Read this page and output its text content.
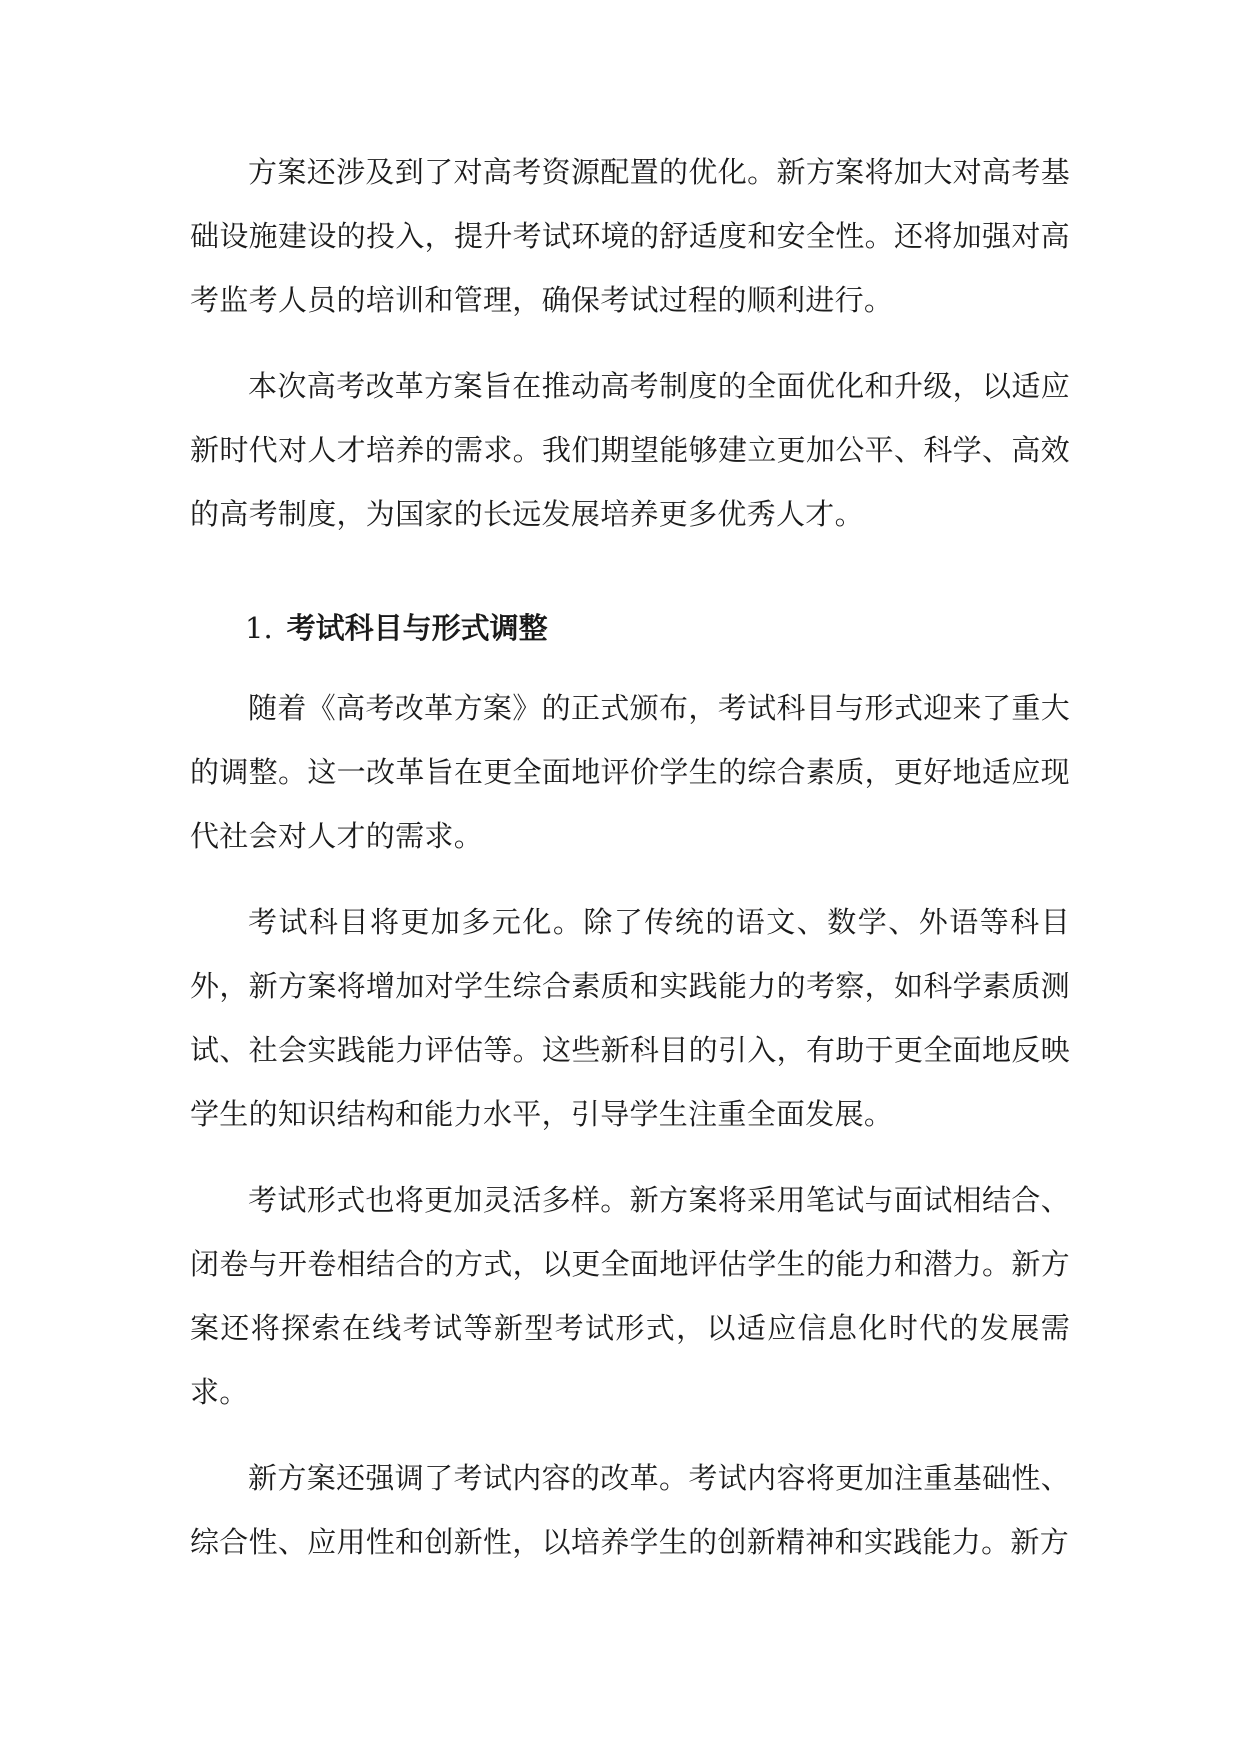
方案还涉及到了对高考资源配置的优化。新方案将加大对高考基础设施建设的投入，提升考试环境的舒适度和安全性。还将加强对高考监考人员的培训和管理，确保考试过程的顺利进行。

本次高考改革方案旨在推动高考制度的全面优化和升级，以适应新时代对人才培养的需求。我们期望能够建立更加公平、科学、高效的高考制度，为国家的长远发展培养更多优秀人才。

1. 考试科目与形式调整

随着《高考改革方案》的正式颁布，考试科目与形式迎来了重大的调整。这一改革旨在更全面地评价学生的综合素质，更好地适应现代社会对人才的需求。

考试科目将更加多元化。除了传统的语文、数学、外语等科目外，新方案将增加对学生综合素质和实践能力的考察，如科学素质测试、社会实践能力评估等。这些新科目的引入，有助于更全面地反映学生的知识结构和能力水平，引导学生注重全面发展。

考试形式也将更加灵活多样。新方案将采用笔试与面试相结合、闭卷与开卷相结合的方式，以更全面地评估学生的能力和潜力。新方案还将探索在线考试等新型考试形式，以适应信息化时代的发展需求。

新方案还强调了考试内容的改革。考试内容将更加注重基础性、综合性、应用性和创新性，以培养学生的创新精神和实践能力。新方
